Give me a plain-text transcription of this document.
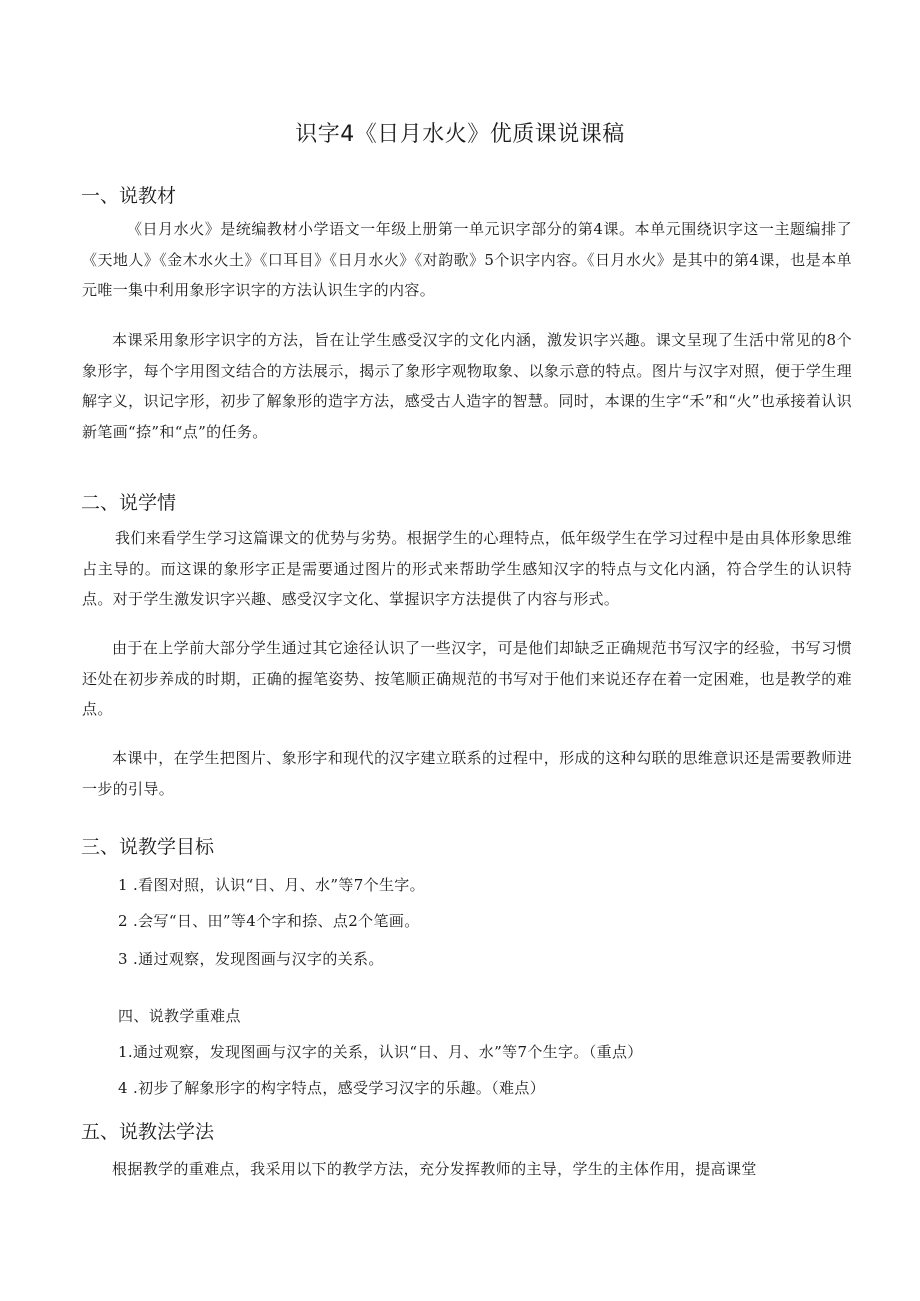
识字4《日月水火》优质课说课稿
一、说教材
《日月水火》是统编教材小学语文一年级上册第一单元识字部分的第4课。本单元围绕识字这一主题编排了《天地人》《金木水火土》《口耳目》《日月水火》《对韵歌》5个识字内容。《日月水火》是其中的第4课，也是本单元唯一集中利用象形字识字的方法认识生字的内容。
本课采用象形字识字的方法，旨在让学生感受汉字的文化内涵，激发识字兴趣。课文呈现了生活中常见的8个象形字，每个字用图文结合的方法展示，揭示了象形字观物取象、以象示意的特点。图片与汉字对照，便于学生理解字义，识记字形，初步了解象形的造字方法，感受古人造字的智慧。同时，本课的生字“禾”和“火”也承接着认识新笔画“捺”和“点”的任务。
二、说学情
我们来看学生学习这篇课文的优势与劣势。根据学生的心理特点，低年级学生在学习过程中是由具体形象思维占主导的。而这课的象形字正是需要通过图片的形式来帮助学生感知汉字的特点与文化内涵，符合学生的认识特点。对于学生激发识字兴趣、感受汉字文化、掌握识字方法提供了内容与形式。
由于在上学前大部分学生通过其它途径认识了一些汉字，可是他们却缺乏正确规范书写汉字的经验，书写习惯还处在初步养成的时期，正确的握笔姿势、按笔顺正确规范的书写对于他们来说还存在着一定困难，也是教学的难点。
本课中，在学生把图片、象形字和现代的汉字建立联系的过程中，形成的这种勾联的思维意识还是需要教师进一步的引导。
三、说教学目标
1 .看图对照，认识“日、月、水”等7个生字。
2 .会写“日、田”等4个字和捺、点2个笔画。
3 .通过观察，发现图画与汉字的关系。
四、说教学重难点
1.通过观察，发现图画与汉字的关系，认识“日、月、水”等7个生字。（重点）
4 .初步了解象形字的构字特点，感受学习汉字的乐趣。（难点）
五、说教法学法
根据教学的重难点，我采用以下的教学方法，充分发挥教师的主导，学生的主体作用，提高课堂
